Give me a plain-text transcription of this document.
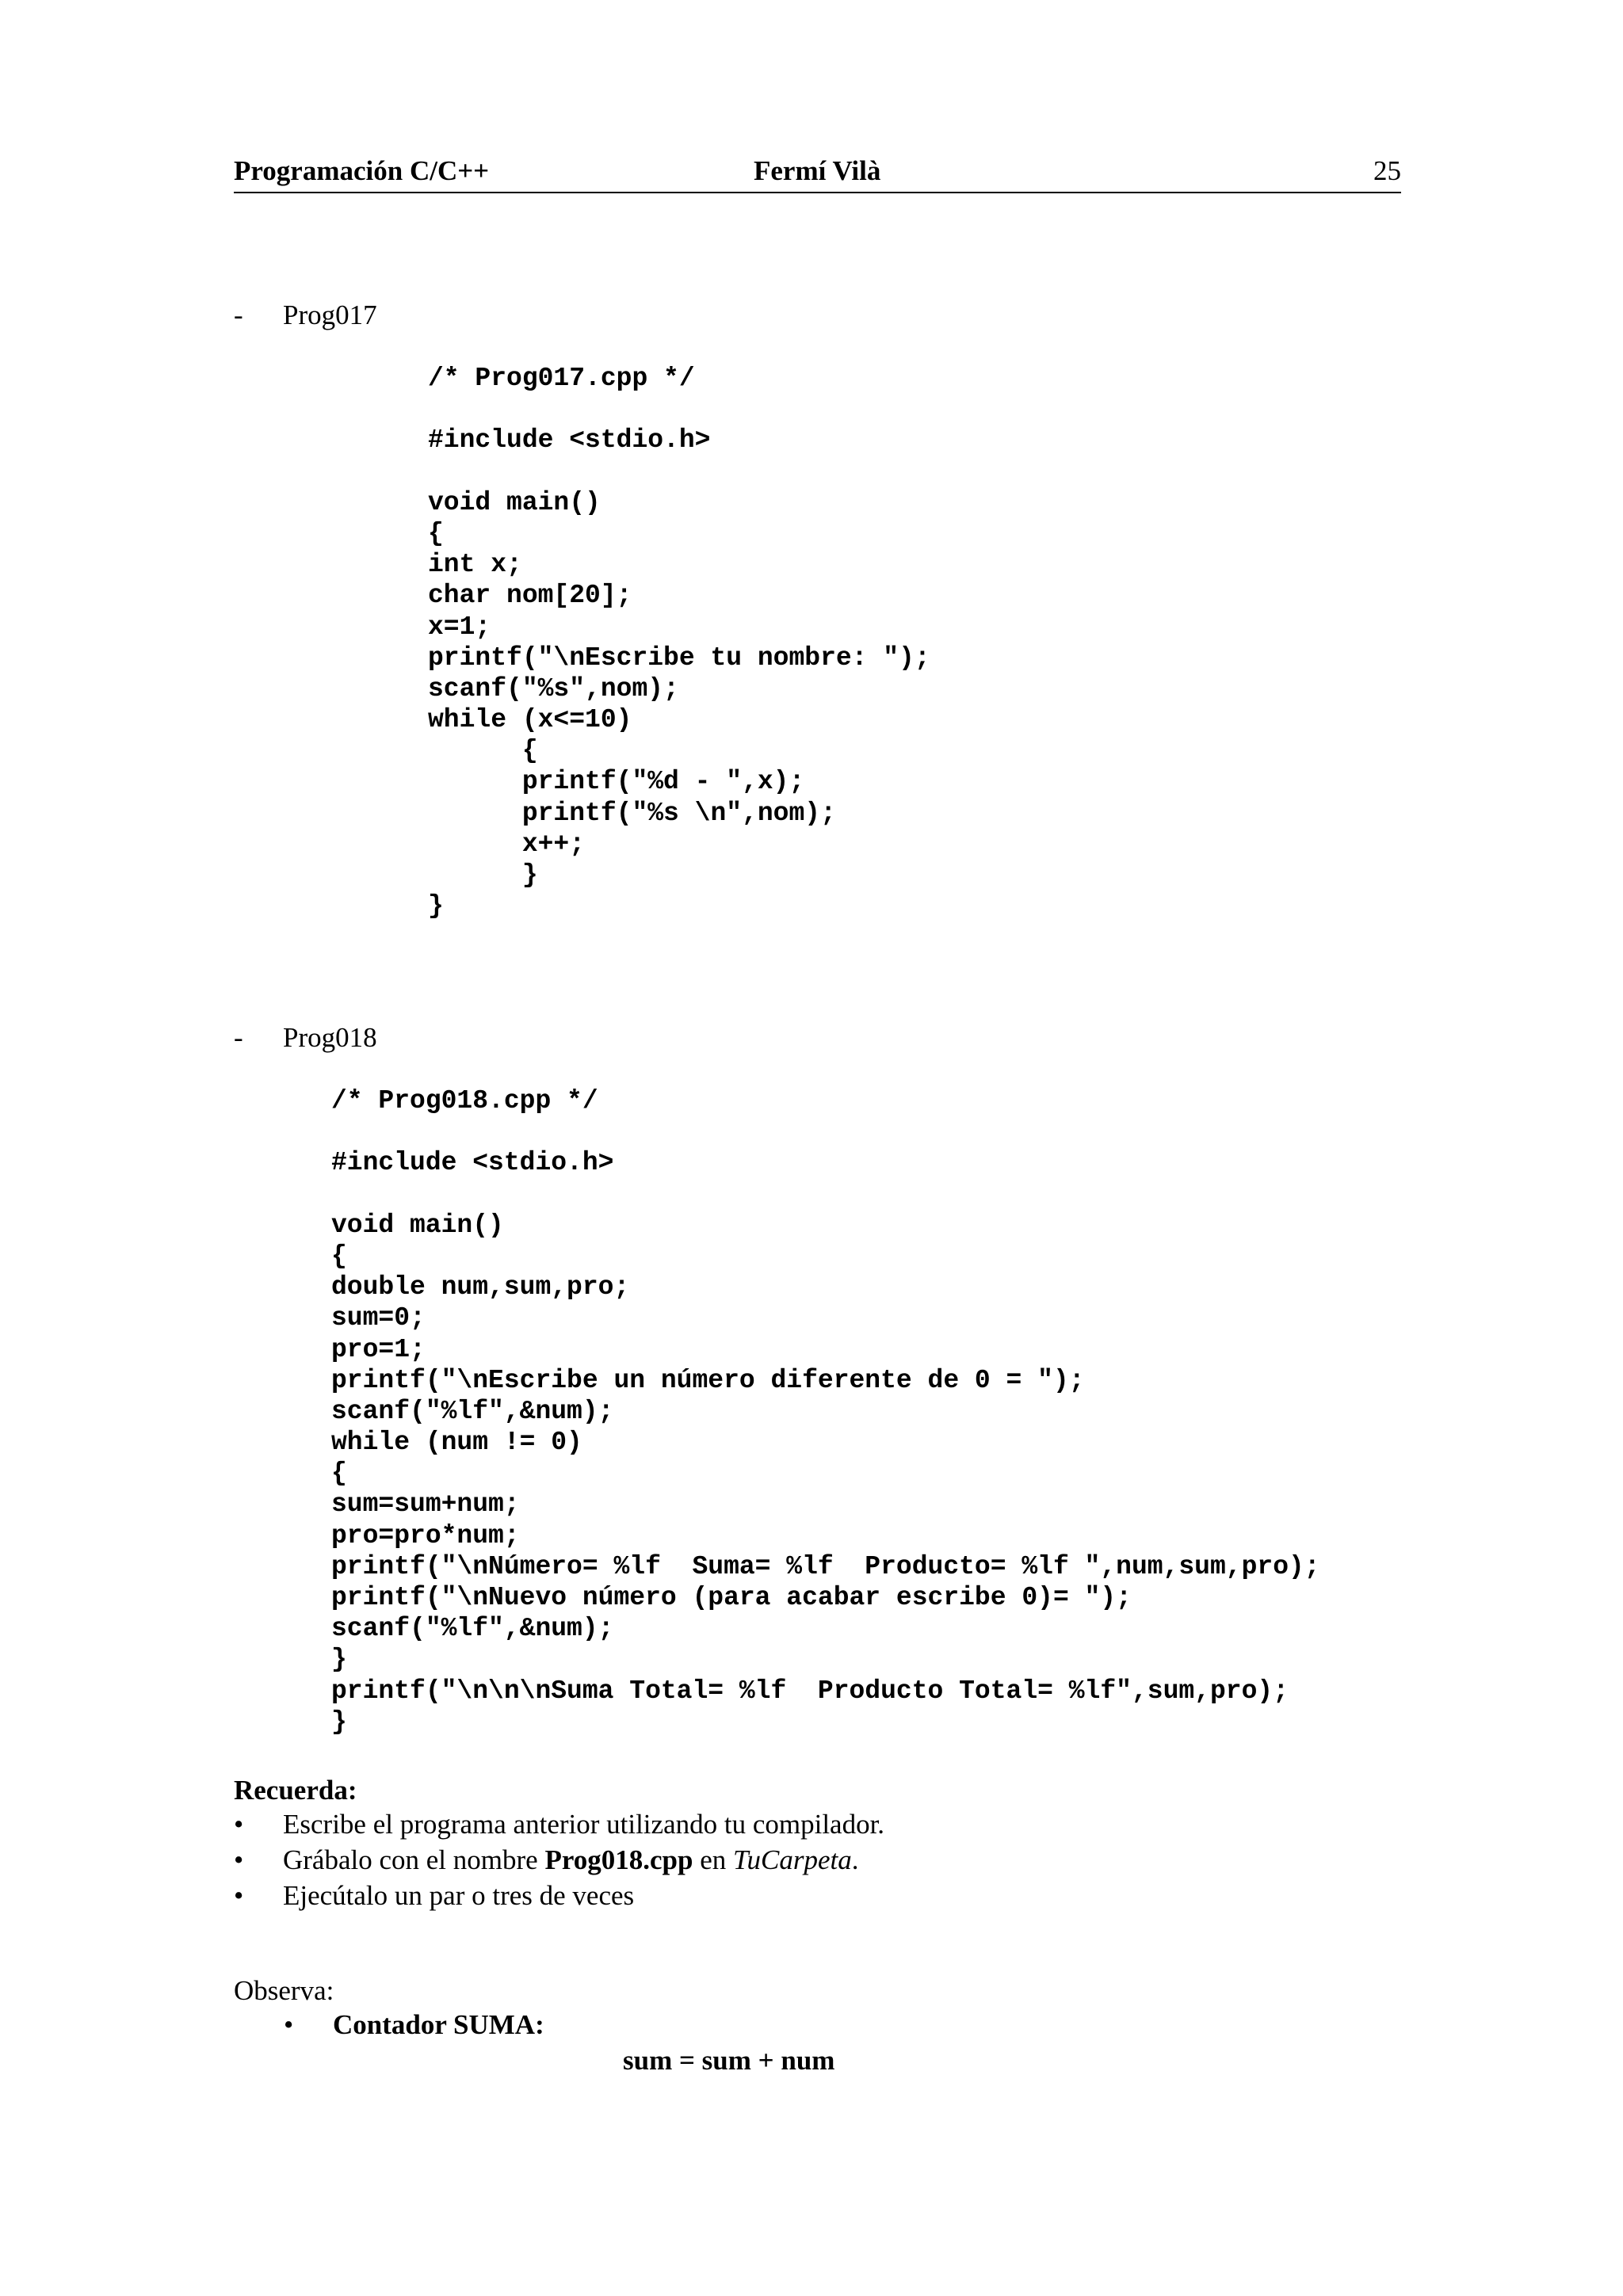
Programación C/C++	Fermí Vilà	25
- Prog017
/* Prog017.cpp */
#include <stdio.h>
void main()
{
int x;
char nom[20];
x=1;
printf("\nEscribe tu nombre: ");
scanf("%s",nom);
while (x<=10)
{
printf("%d - ",x);
printf("%s \n",nom);
x++;
}
}
- Prog018
/* Prog018.cpp */
#include <stdio.h>
void main()
{
double num,sum,pro;
sum=0;
pro=1;
printf("\nEscribe un número diferente de 0 = ");
scanf("%lf",&num);
while (num != 0)
{
sum=sum+num;
pro=pro*num;
printf("\nNúmero= %lf  Suma= %lf  Producto= %lf ",num,sum,pro);
printf("\nNuevo número (para acabar escribe 0)= ");
scanf("%lf",&num);
}
printf("\n\n\nSuma Total= %lf  Producto Total= %lf",sum,pro);
}
Recuerda:
• Escribe el programa anterior utilizando tu compilador.
• Grábalo con el nombre Prog018.cpp en TuCarpeta.
• Ejecútalo un par o tres de veces
Observa:
• Contador SUMA:
sum = sum + num
